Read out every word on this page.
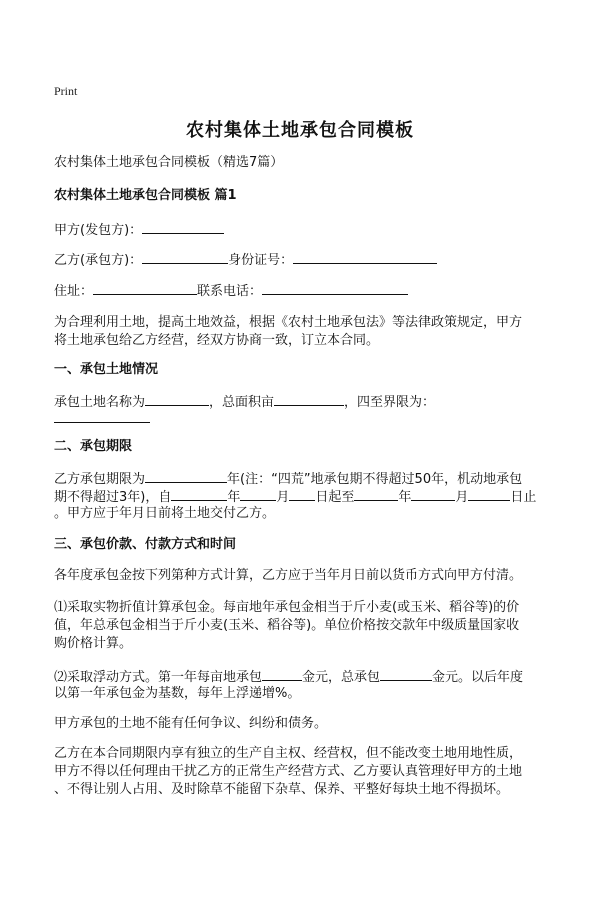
Print
农村集体土地承包合同模板
农村集体土地承包合同模板（精选7篇）
农村集体土地承包合同模板 篇1
甲方(发包方)：
乙方(承包方)：	身份证号：
住址：	联系电话：
为合理利用土地，提高土地效益，根据《农村土地承包法》等法律政策规定，甲方
将土地承包给乙方经营，经双方协商一致，订立本合同。
一、承包土地情况
承包土地名称为	，总面积亩	，四至界限为：
二、承包期限
乙方承包期限为	年(注：“四荒”地承包期不得超过50年，机动地承包
期不得超过3年)，自	年	月 日起至	年	月	日止
。甲方应于年月日前将土地交付乙方。
三、承包价款、付款方式和时间
各年度承包金按下列第种方式计算，乙方应于当年月日前以货币方式向甲方付清。
⑴采取实物折值计算承包金。每亩地年承包金相当于斤小麦(或玉米、稻谷等)的价
值，年总承包金相当于斤小麦(玉米、稻谷等)。单位价格按交款年中级质量国家收
购价格计算。
⑵采取浮动方式。第一年每亩地承包	金元，总承包	金元。以后年度
以第一年承包金为基数，每年上浮递增%。
甲方承包的土地不能有任何争议、纠纷和债务。
乙方在本合同期限内享有独立的生产自主权、经营权，但不能改变土地用地性质，
甲方不得以任何理由干扰乙方的正常生产经营方式、乙方要认真管理好甲方的土地
、不得让别人占用、及时除草不能留下杂草、保养、平整好每块土地不得损坏。
